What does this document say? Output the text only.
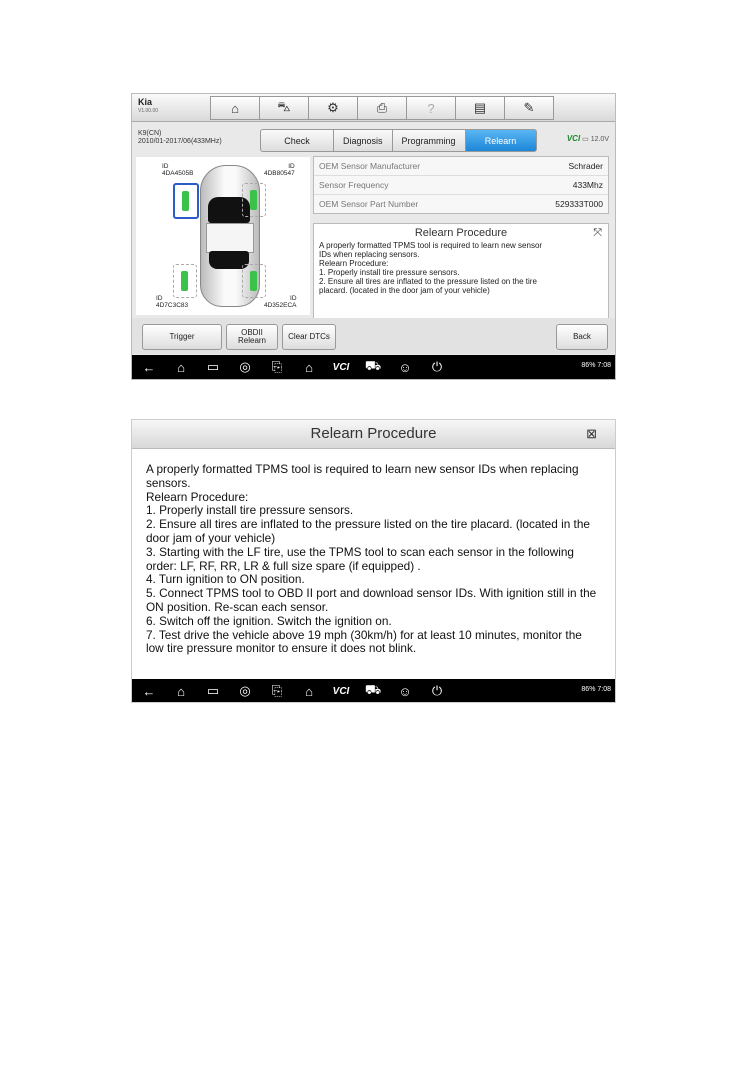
Kia
V1.00.00	⌂	⛍	⚙	⎙	?	▤	✎
K9(CN)
2010/01-2017/06(433MHz)	Check	Diagnosis	Programming	Relearn	VCI ▭ 12.0V
ID
4DA4505B
ID
4DB80547
ID
4D7C3C83
ID
4D352ECA
OEM Sensor Manufacturer	Schrader
Sensor Frequency	433Mhz
OEM Sensor Part Number	529333T000
Relearn Procedure	⤧
A properly formatted TPMS tool is required to learn new sensor
IDs when replacing sensors.
Relearn Procedure:
1. Properly install tire pressure sensors.
2. Ensure all tires are inflated to the pressure listed on the tire
placard. (located in the door jam of your vehicle)
Trigger	OBDII
Relearn	Clear DTCs	Back
←	⌂	▭	◎	⎘	⌂	VCI	⛟	☺	⏻	86% 7:08
Relearn Procedure	⊠
A properly formatted TPMS tool is required to learn new sensor IDs when replacing
sensors.
Relearn Procedure:
1. Properly install tire pressure sensors.
2. Ensure all tires are inflated to the pressure listed on the tire placard. (located in the
door jam of your vehicle)
3. Starting with the LF tire, use the TPMS tool to scan each sensor in the following
order: LF, RF, RR, LR & full size spare (if equipped) .
4. Turn ignition to ON position.
5. Connect TPMS tool to OBD II port and download sensor IDs. With ignition still in the
ON position. Re-scan each sensor.
6. Switch off the ignition. Switch the ignition on.
7. Test drive the vehicle above 19 mph (30km/h) for at least 10 minutes, monitor the
low tire pressure monitor to ensure it does not blink.
←	⌂	▭	◎	⎘	⌂	VCI	⛟	☺	⏻	86% 7:08
